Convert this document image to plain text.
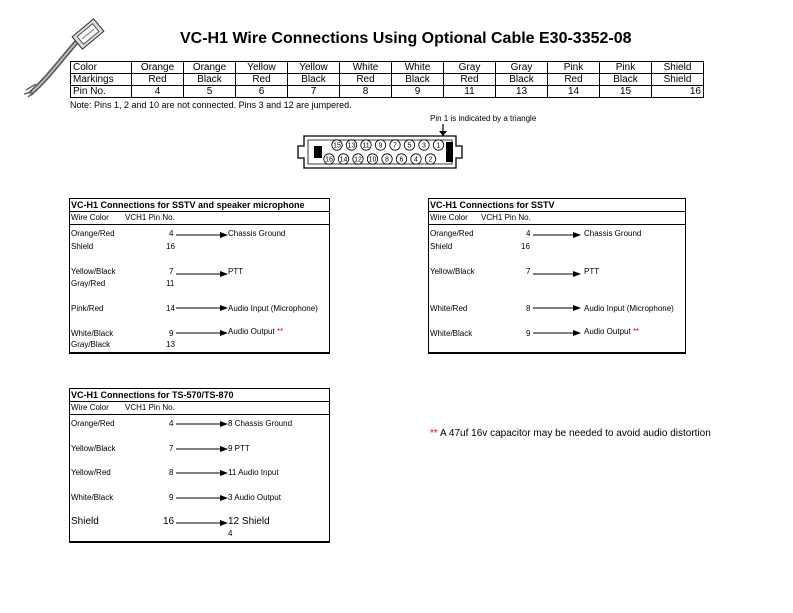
VC-H1 Wire Connections Using Optional Cable E30-3352-08
Color	Orange	Orange	Yellow	Yellow	White	White	Gray	Gray	Pink	Pink	Shield
Markings	Red	Black	Red	Black	Red	Black	Red	Black	Red	Black	Shield
Pin No.	4	5	6	7	8	9	11	13	14	15	16
Note: Pins 1, 2 and 10 are not connected. Pins 3 and 12 are jumpered.
Pin 1 is indicated by a triangle
15 13 11 9 7 5 3 1
16 14 12 10 8 6 4 2
VC-H1 Connections for SSTV and speaker microphone
Wire Color VCH1 Pin No.
Orange/Red	4	Chassis Ground
Shield	16
Yellow/Black	7	PTT
Gray/Red	11
Pink/Red	14	Audio Input (Microphone)
White/Black	9	Audio Output **
Gray/Black	13
VC-H1 Connections for SSTV
Wire Color VCH1 Pin No.
Orange/Red	4	Chassis Ground
Shield	16
Yellow/Black	7	PTT
White/Red	8	Audio Input (Microphone)
White/Black	9	Audio Output **
VC-H1 Connections for TS-570/TS-870
Wire Color VCH1 Pin No.
Orange/Red	4	8 Chassis Ground
Yellow/Black	7	9 PTT
Yellow/Red	8	11 Audio Input
White/Black	9	3 Audio Output
Shield	16	12 Shield
4
** A 47uf 16v capacitor may be needed to avoid audio distortion
